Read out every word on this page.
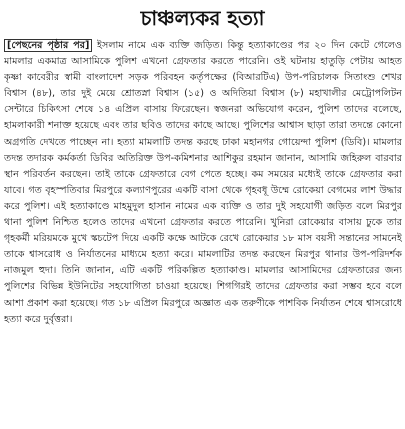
চাঞ্চল্যকর হত্যা

[পেছনের পৃষ্ঠার পর] ইসলাম নামে এক ব্যক্তি জড়িত। কিন্তু হত্যাকাণ্ডের পর ২০ দিন কেটে গেলেও মামলার একমাত্র আসামিকে পুলিশ এখনো গ্রেফতার করতে পারেনি। ওই ঘটনায় হাতুড়ি পেটায় আহত কৃষ্ণা কাবেরীর স্বামী বাংলাদেশ সড়ক পরিবহন কর্তৃপক্ষের (বিআরটিএ) উপ-পরিচালক সিতাংশু শেখর বিশ্বাস (৪৮), তার দুই মেয়ে শ্রোতস্না বিশ্বাস (১৫) ও অদিতিয়া বিশ্বাস (৮) মহাখালীর মেট্রোপলিটন সেন্টারে চিকিৎসা শেষে ১৪ এপ্রিল বাসায় ফিরেছেন। স্বজনরা অভিযোগ করেন, পুলিশ তাদের বলেছে, হামলাকারী শনাক্ত হয়েছে এবং তার ছবিও তাদের কাছে আছে। পুলিশের আশ্বাস ছাড়া তারা তদন্তে কোনো অগ্রগতি দেখতে পাচ্ছেন না। হত্যা মামলাটি তদন্ত করছে ঢাকা মহানগর গোয়েন্দা পুলিশ (ডিবি)। মামলার তদন্ত তদারক কর্মকর্তা ডিবির অতিরিক্ত উপ-কমিশনার আশিকুর রহমান জানান, আসামি জহিরুল বারবার স্থান পরিবর্তন করছেন। তাই তাকে গ্রেফতারে বেগ পেতে হচ্ছে। কম সময়ের মধ্যেই তাকে গ্রেফতার করা যাবে। গত বৃহস্পতিবার মিরপুরে কল্যাণপুরের একটি বাসা থেকে গৃহবধূ উম্মে রোকেয়া বেগমের লাশ উদ্ধার করে পুলিশ। এই হত্যাকাণ্ডে মাহমুদুল হাসান নামের এক ব্যক্তি ও তার দুই সহযোগী জড়িত বলে মিরপুর থানা পুলিশ নিশ্চিত হলেও তাদের এখনো গ্রেফতার করতে পারেনি। খুনিরা রোকেয়ার বাসায় ঢুকে তার গৃহকর্মী মরিয়মকে মুখে স্কচটেপ দিয়ে একটি কক্ষে আটকে রেখে রোকেয়ার ১৮ মাস বয়সী সন্তানের সামনেই তাকে শ্বাসরোধ ও নির্যাতনের মাধ্যমে হত্যা করে। মামলাটির তদন্ত করছেন মিরপুর থানার উপ-পরিদর্শক নাজমুল হুদা। তিনি জানান, এটি একটি পরিকল্পিত হত্যাকাণ্ড। মামলার আসামিদের গ্রেফতারের জন্য পুলিশের বিভিন্ন ইউনিটের সহযোগিতা চাওয়া হয়েছে। শিগগিরই তাদের গ্রেফতার করা সম্ভব হবে বলে আশা প্রকাশ করা হয়েছে। গত ১৮ এপ্রিল মিরপুরে অজ্ঞাত এক তরুণীকে পাশবিক নির্যাতন শেষে শ্বাসরোধে হত্যা করে দুর্বৃত্তরা।
